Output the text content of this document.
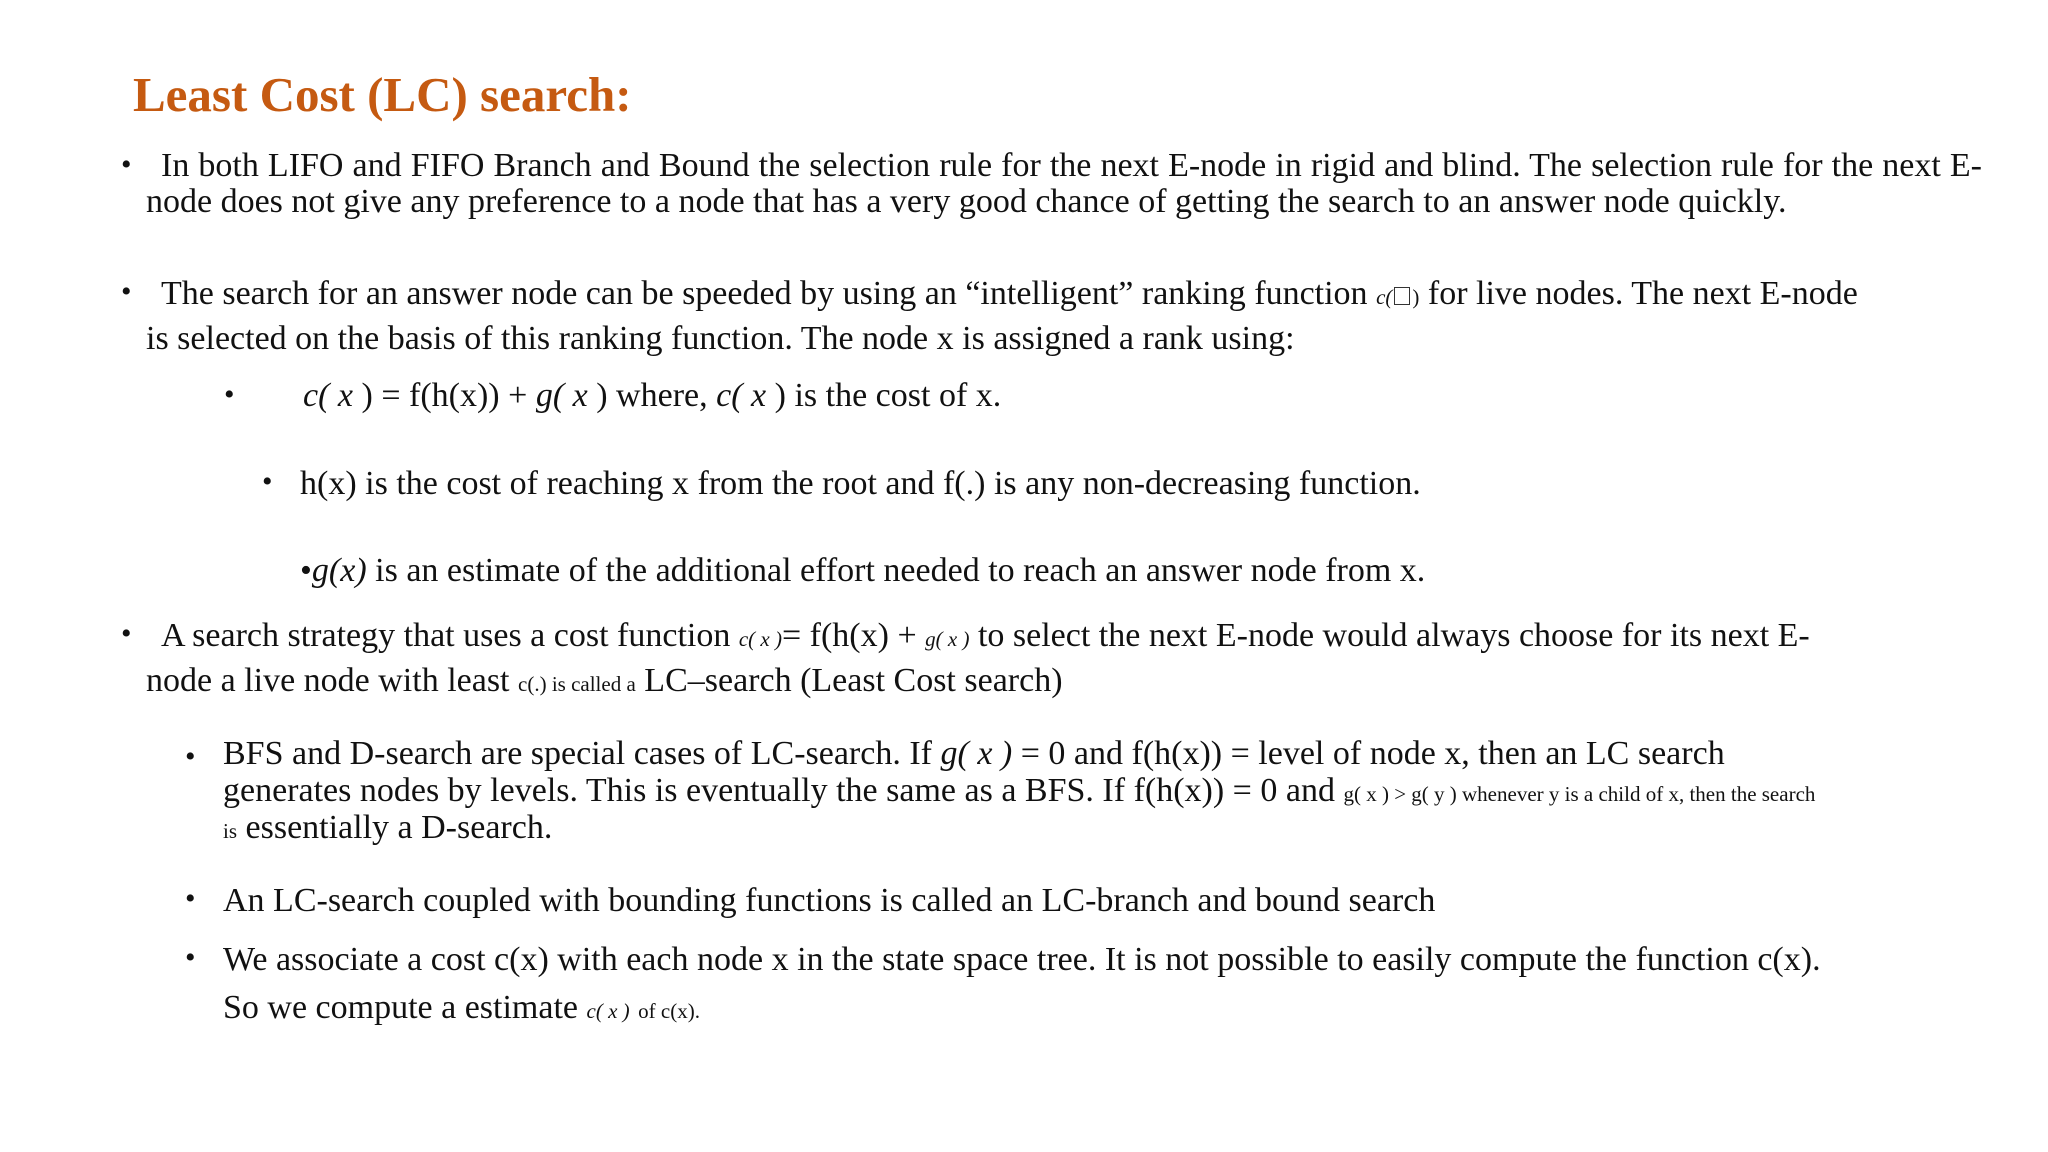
Least Cost (LC) search:
• In both LIFO and FIFO Branch and Bound the selection rule for the next E-node in rigid and blind. The selection rule for the next E-node does not give any preference to a node that has a very good chance of getting the search to an answer node quickly.
• The search for an answer node can be speeded by using an “intelligent” ranking function c( ) for live nodes. The next E-node
is selected on the basis of this ranking function. The node x is assigned a rank using:
• c( x ) = f(h(x)) + g( x ) where, c( x ) is the cost of x.
• h(x) is the cost of reaching x from the root and f(.) is any non-decreasing function.
•g(x) is an estimate of the additional effort needed to reach an answer node from x.
• A search strategy that uses a cost function c( x )= f(h(x) + g( x ) to select the next E-node would always choose for its next E-
node a live node with least c(.) is called a LC–search (Least Cost search)
• BFS and D-search are special cases of LC-search. If g( x ) = 0 and f(h(x)) = level of node x, then an LC search
generates nodes by levels. This is eventually the same as a BFS. If f(h(x)) = 0 and g( x ) > g( y ) whenever y is a child of x, then the search
is essentially a D-search.
• An LC-search coupled with bounding functions is called an LC-branch and bound search
• We associate a cost c(x) with each node x in the state space tree. It is not possible to easily compute the function c(x).
So we compute a estimate c( x ) of c(x).
